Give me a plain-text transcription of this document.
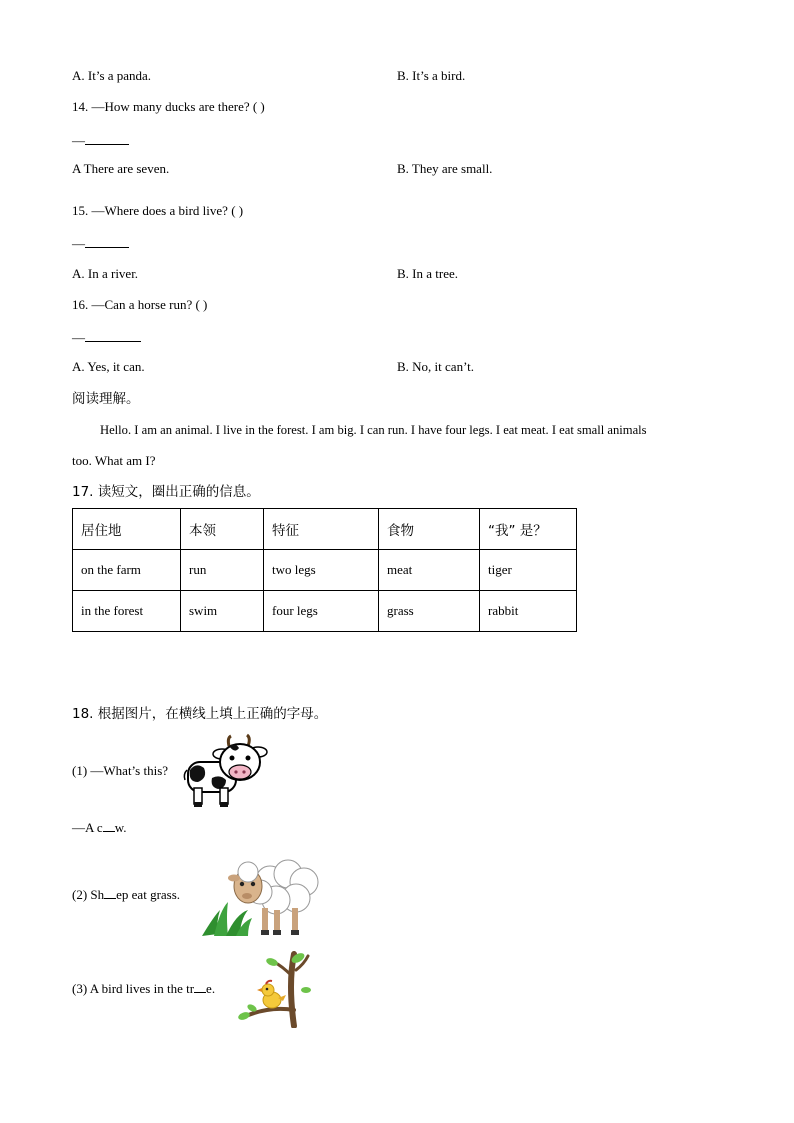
A. It’s a panda.	B. It’s a bird.
14. —How many ducks are there? ( )
—
A There are seven.	B. They are small.
15. —Where does a bird live? ( )
—
A. In a river.	B. In a tree.
16. —Can a horse run? ( )
—
A. Yes, it can.	B. No, it can’t.
阅读理解。
Hello. I am an animal. I live in the forest. I am big. I can run. I have four legs. I eat meat. I eat small animals
too. What am I?
17. 读短文，圈出正确的信息。
居住地	本领	特征	食物	“我” 是？
on the farm	run	two legs	meat	tiger
in the forest	swim	four legs	grass	rabbit
18. 根据图片，在横线上填上正确的字母。
(1) —What’s this?
—A c w.
(2) Sh ep eat grass.
(3) A bird lives in the tr e.
